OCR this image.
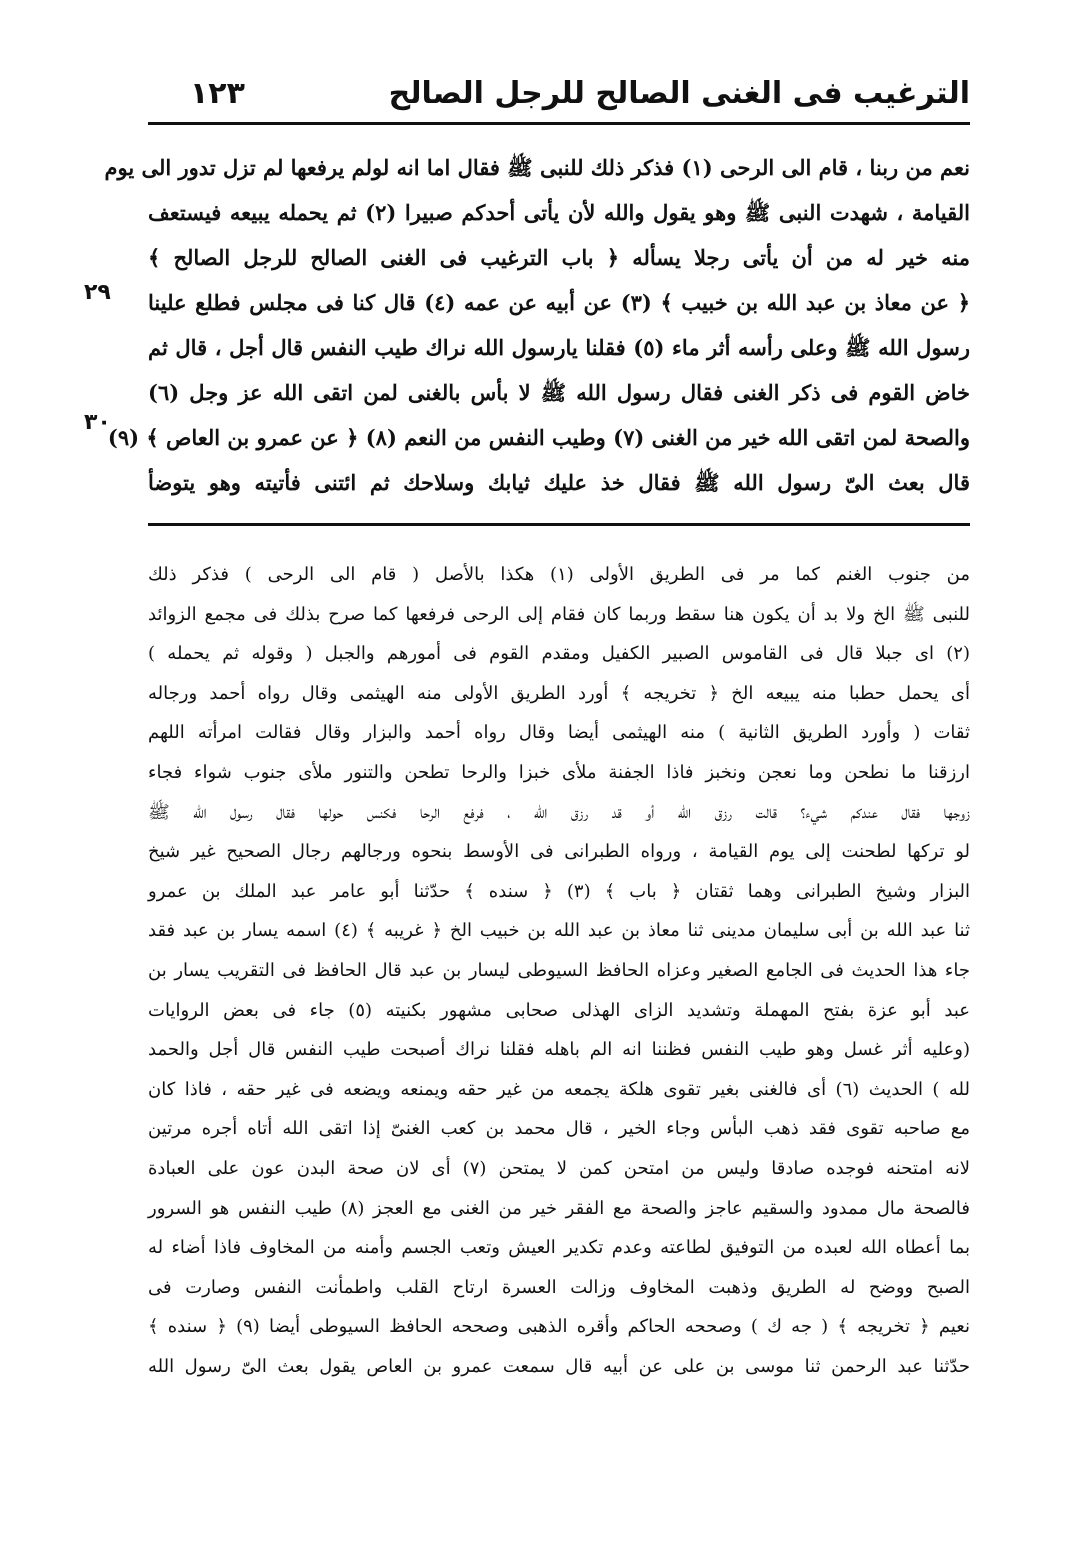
الترغيب فى الغنى الصالح للرجل الصالح
١٢٣
٢٩
٣٠
نعم من ربنا ، قام الى الرحى (١) فذكر ذلك للنبى ﷺ فقال اما انه لولم يرفعها لم تزل تدور الى يوم
القيامة ، شهدت النبى ﷺ وهو يقول والله لأن يأتى أحدكم صبيرا (٢) ثم يحمله يبيعه فيستعف
منه خير له من أن يأتى رجلا يسأله ﴿ باب الترغيب فى الغنى الصالح للرجل الصالح ﴾
﴿ عن معاذ بن عبد الله بن خبيب ﴾ (٣) عن أبيه عن عمه (٤) قال كنا فى مجلس فطلع علينا
رسول الله ﷺ وعلى رأسه أثر ماء (٥) فقلنا يارسول الله نراك طيب النفس قال أجل ، قال ثم
خاض القوم فى ذكر الغنى فقال رسول الله ﷺ لا بأس بالغنى لمن اتقى الله عز وجل (٦)
والصحة لمن اتقى الله خير من الغنى (٧) وطيب النفس من النعم (٨) ﴿ عن عمرو بن العاص ﴾ (٩)
قال بعث الىّ رسول الله ﷺ فقال خذ عليك ثيابك وسلاحك ثم ائتنى فأتيته وهو يتوضأ
من جنوب الغنم كما مر فى الطريق الأولى (١) هكذا بالأصل ( قام الى الرحى ) فذكر ذلك
للنبى ﷺ الخ ولا بد أن يكون هنا سقط وربما كان فقام إلى الرحى فرفعها كما صرح بذلك فى مجمع الزوائد
(٢) اى جبلا قال فى القاموس الصبير الكفيل ومقدم القوم فى أمورهم والجبل ( وقوله ثم يحمله )
أى يحمل حطبا منه يبيعه الخ ﴿ تخريجه ﴾ أورد الطريق الأولى منه الهيثمى وقال رواه أحمد ورجاله
ثقات ( وأورد الطريق الثانية ) منه الهيثمى أيضا وقال رواه أحمد والبزار وقال فقالت امرأته اللهم
ارزقنا ما نطحن وما نعجن ونخبز فاذا الجفنة ملأى خبزا والرحا تطحن والتنور ملأى جنوب شواء فجاء
زوجها فقال عندكم شيء؟ قالت رزق الله أو قد رزق الله ، فرفع الرحا فكنس حولها فقال رسول الله ﷺ
لو تركها لطحنت إلى يوم القيامة ، ورواه الطبرانى فى الأوسط بنحوه ورجالهم رجال الصحيح غير شيخ
البزار وشيخ الطبرانى وهما ثقتان ﴿ باب ﴾ (٣) ﴿ سنده ﴾ حدّثنا أبو عامر عبد الملك بن عمرو
ثنا عبد الله بن أبى سليمان مدينى ثنا معاذ بن عبد الله بن خبيب الخ ﴿ غريبه ﴾ (٤) اسمه يسار بن عبد فقد
جاء هذا الحديث فى الجامع الصغير وعزاه الحافظ السيوطى ليسار بن عبد قال الحافظ فى التقريب يسار بن
عبد أبو عزة بفتح المهملة وتشديد الزاى الهذلى صحابى مشهور بكنيته (٥) جاء فى بعض الروايات
(وعليه أثر غسل وهو طيب النفس فظننا انه الم باهله فقلنا نراك أصبحت طيب النفس قال أجل والحمد
لله ) الحديث (٦) أى فالغنى بغير تقوى هلكة يجمعه من غير حقه ويمنعه ويضعه فى غير حقه ، فاذا كان
مع صاحبه تقوى فقد ذهب البأس وجاء الخير ، قال محمد بن كعب الغنىّ إذا اتقى الله أتاه أجره مرتين
لانه امتحنه فوجده صادقا وليس من امتحن كمن لا يمتحن (٧) أى لان صحة البدن عون على العبادة
فالصحة مال ممدود والسقيم عاجز والصحة مع الفقر خير من الغنى مع العجز (٨) طيب النفس هو السرور
بما أعطاه الله لعبده من التوفيق لطاعته وعدم تكدير العيش وتعب الجسم وأمنه من المخاوف فاذا أضاء له
الصبح ووضح له الطريق وذهبت المخاوف وزالت العسرة ارتاح القلب واطمأنت النفس وصارت فى
نعيم ﴿ تخريجه ﴾ ( جه ك ) وصححه الحاكم وأقره الذهبى وصححه الحافظ السيوطى أيضا (٩) ﴿ سنده ﴾
حدّثنا عبد الرحمن ثنا موسى بن على عن أبيه قال سمعت عمرو بن العاص يقول بعث الىّ رسول الله
